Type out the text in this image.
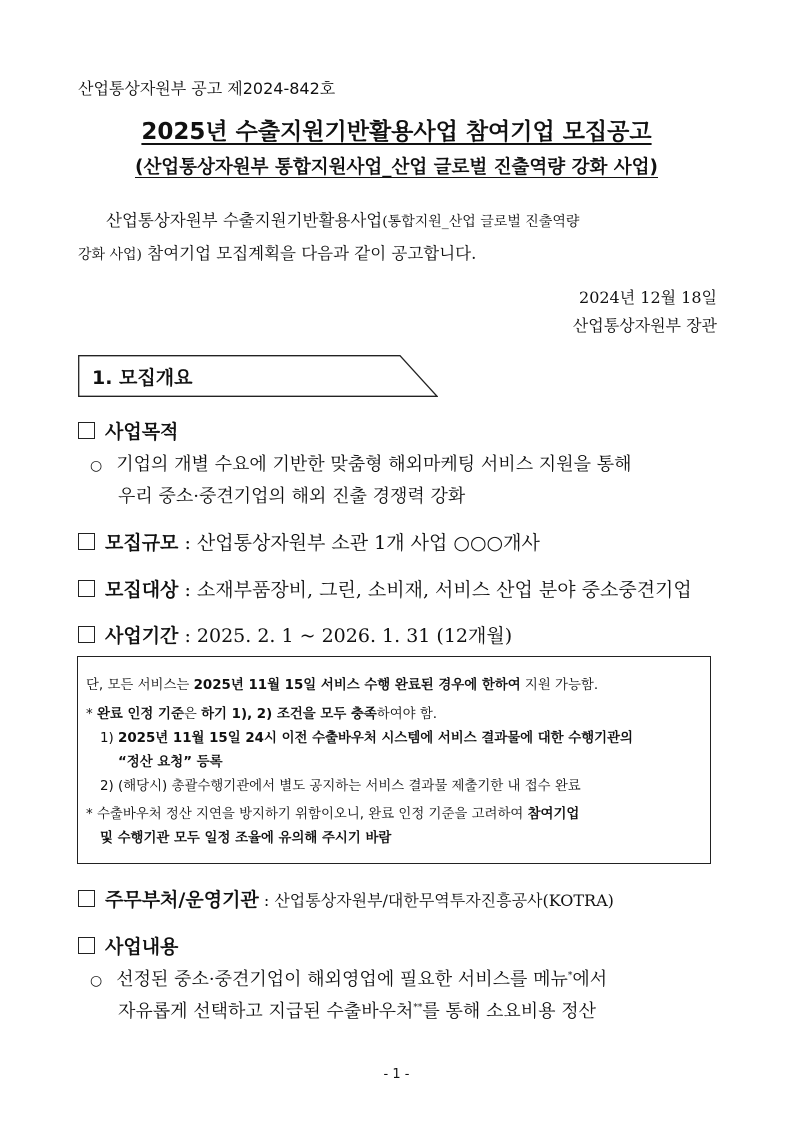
산업통상자원부 공고 제2024-842호
2025년 수출지원기반활용사업 참여기업 모집공고
(산업통상자원부 통합지원사업_산업 글로벌 진출역량 강화 사업)
산업통상자원부 수출지원기반활용사업(통합지원_산업 글로벌 진출역량
강화 사업) 참여기업 모집계획을 다음과 같이 공고합니다.
2024년 12월 18일
산업통상자원부 장관
1. 모집개요
사업목적
○ 기업의 개별 수요에 기반한 맞춤형 해외마케팅 서비스 지원을 통해
우리 중소·중견기업의 해외 진출 경쟁력 강화
모집규모 : 산업통상자원부 소관 1개 사업 ○○○개사
모집대상 : 소재부품장비, 그린, 소비재, 서비스 산업 분야 중소중견기업
사업기간 : 2025. 2. 1 ~ 2026. 1. 31 (12개월)
단, 모든 서비스는 2025년 11월 15일 서비스 수행 완료된 경우에 한하여 지원 가능함.
* 완료 인정 기준은 하기 1), 2) 조건을 모두 충족하여야 함.
1) 2025년 11월 15일 24시 이전 수출바우처 시스템에 서비스 결과물에 대한 수행기관의
“정산 요청” 등록
2) (해당시) 총괄수행기관에서 별도 공지하는 서비스 결과물 제출기한 내 접수 완료
* 수출바우처 정산 지연을 방지하기 위함이오니, 완료 인정 기준을 고려하여 참여기업
및 수행기관 모두 일정 조율에 유의해 주시기 바람
주무부처/운영기관 : 산업통상자원부/대한무역투자진흥공사(KOTRA)
사업내용
○ 선정된 중소·중견기업이 해외영업에 필요한 서비스를 메뉴*에서
자유롭게 선택하고 지급된 수출바우처**를 통해 소요비용 정산
- 1 -
